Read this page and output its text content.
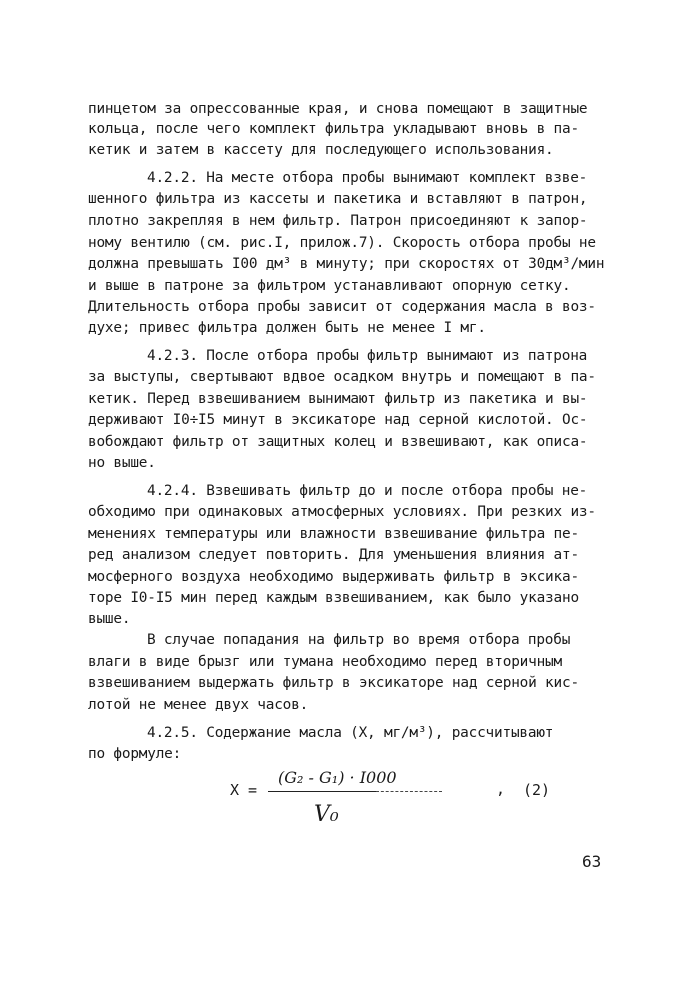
пинцетом за опрессованные края, и снова помещают в защитные
кольца, после чего комплект фильтра укладывают вновь в па-
кетик и затем в кассету для последующего использования.
4.2.2. На месте отбора пробы вынимают комплект взве-
шенного фильтра из кассеты и пакетика и вставляют в патрон,
плотно закрепляя в нем фильтр. Патрон присоединяют к запор-
ному вентилю (см. рис.I, прилож.7). Скорость отбора пробы не
должна превышать I00 дм³ в минуту; при скоростях от 30дм³/мин
и выше в патроне за фильтром устанавливают опорную сетку.
Длительность отбора пробы зависит от содержания масла в воз-
духе; привес фильтра должен быть не менее I мг.
4.2.3. После отбора пробы фильтр вынимают из патрона
за выступы, свертывают вдвое осадком внутрь и помещают в па-
кетик. Перед взвешиванием вынимают фильтр из пакетика и вы-
держивают I0÷I5 минут в эксикаторе над серной кислотой. Ос-
вобождают фильтр от защитных колец и взвешивают, как описа-
но выше.
4.2.4. Взвешивать фильтр до и после отбора пробы не-
обходимо при одинаковых атмосферных условиях. При резких из-
менениях температуры или влажности взвешивание фильтра пе-
ред анализом следует повторить. Для уменьшения влияния ат-
мосферного воздуха необходимо выдерживать фильтр в эксика-
торе I0-I5 мин перед каждым взвешиванием, как было указано
выше.
В случае попадания на фильтр во время отбора пробы
влаги в виде брызг или тумана необходимо перед вторичным
взвешиванием выдержать фильтр в эксикаторе над серной кис-
лотой не менее двух часов.
4.2.5. Содержание масла (X, мг/м³), рассчитывают
по формуле:
X =
(G₂ - G₁) · I000
V₀
, (2)
63
